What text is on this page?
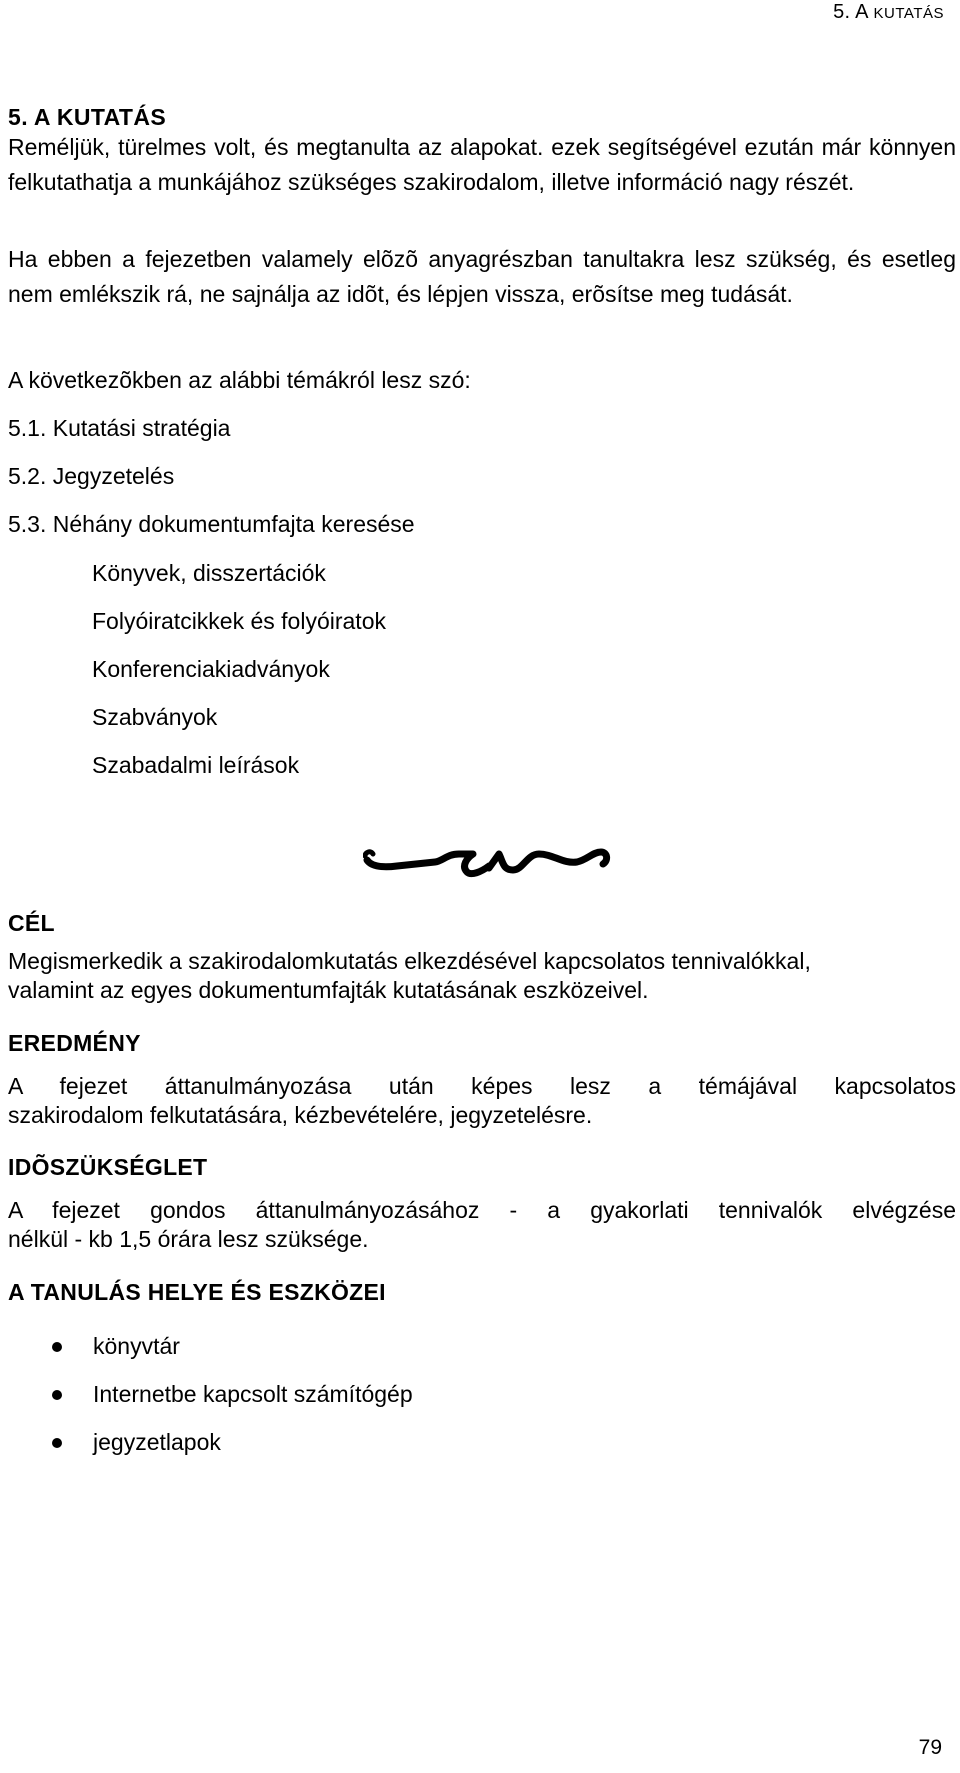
5. A KUTATÁS
5. A KUTATÁS
Reméljük, türelmes volt, és megtanulta az alapokat. ezek segítségével ezután már könnyen felkutathatja a munkájához szükséges szakirodalom, illetve információ nagy részét.
Ha ebben a fejezetben valamely elõzõ anyagrészban tanultakra lesz szükség, és esetleg nem emlékszik rá, ne sajnálja az idõt, és lépjen vissza, erõsítse meg tudását.
A következõkben az alábbi témákról lesz szó:
5.1. Kutatási stratégia
5.2. Jegyzetelés
5.3. Néhány dokumentumfajta keresése
Könyvek, disszertációk
Folyóiratcikkek és folyóiratok
Konferenciakiadványok
Szabványok
Szabadalmi leírások
CÉL
Megismerkedik a szakirodalomkutatás elkezdésével kapcsolatos tennivalókkal,
valamint az egyes dokumentumfajták kutatásának eszközeivel.
EREDMÉNY
A fejezet áttanulmányozása után képes lesz a témájával kapcsolatos
szakirodalom felkutatására, kézbevételére, jegyzetelésre.
IDÕSZÜKSÉGLET
A fejezet gondos áttanulmányozásához - a gyakorlati tennivalók elvégzése
nélkül - kb 1,5 órára lesz szüksége.
A TANULÁS HELYE ÉS ESZKÖZEI
könyvtár
Internetbe kapcsolt számítógép
jegyzetlapok
79
